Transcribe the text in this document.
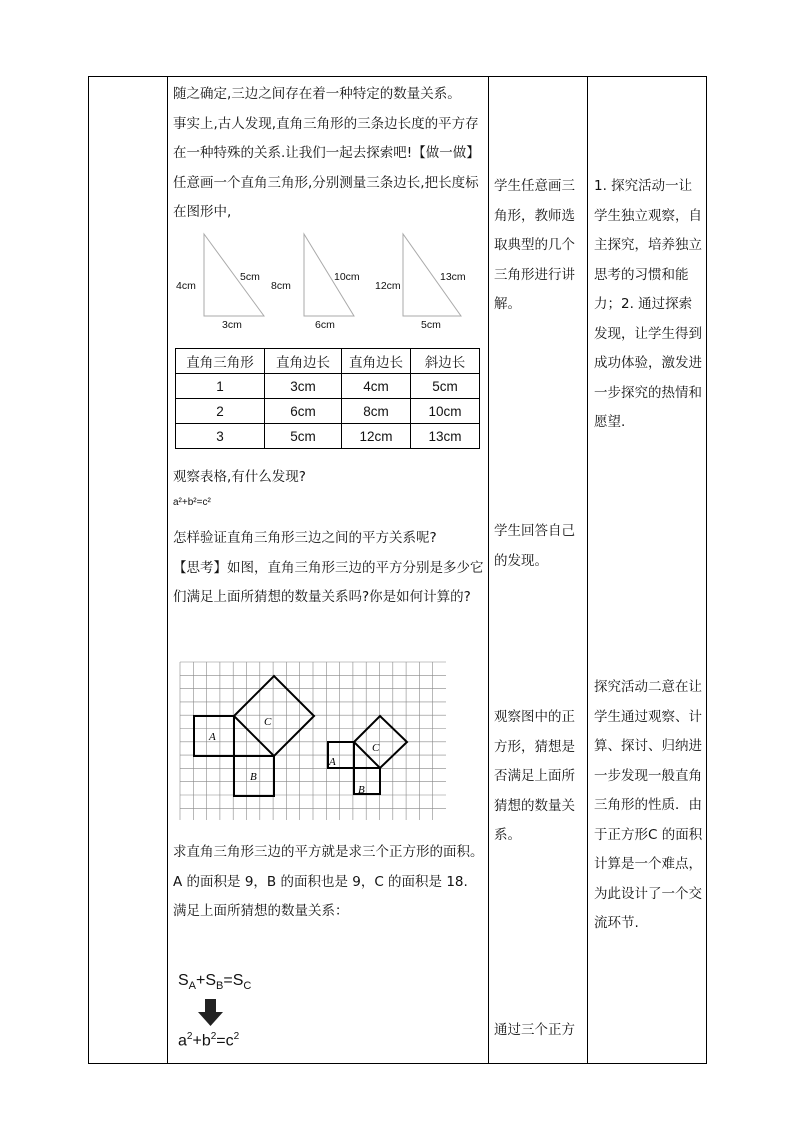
随之确定,三边之间存在着一种特定的数量关系。

事实上,古人发现,直角三角形的三条边长度的平方存在一种特殊的关系.让我们一起去探索吧!【做一做】任意画一个直角三角形,分别测量三条边长,把长度标在图形中,

4cm
5cm
3cm
8cm
10cm
6cm
12cm
13cm
5cm
直角三角形	直角边长	直角边长	斜边长
1	3cm	4cm	5cm
2	6cm	8cm	10cm
3	5cm	12cm	13cm

观察表格,有什么发现?

a²+b²=c²

怎样验证直角三角形三边之间的平方关系呢?

【思考】如图，直角三角形三边的平方分别是多少它们满足上面所猜想的数量关系吗?你是如何计算的?

A
B
C
A
B
C

求直角三角形三边的平方就是求三个正方形的面积。

A 的面积是 9，B 的面积也是 9，C 的面积是 18.

满足上面所猜想的数量关系：

$S_A+S_B=S_C$
$a^2+b^2=c^2$

学生任意画三角形，教师选取典型的几个三角形进行讲解。

学生回答自己的发现。

观察图中的正方形，猜想是否满足上面所猜想的数量关系。

通过三个正方

1. 探究活动一让学生独立观察，自主探究，培养独立思考的习惯和能力；2. 通过探索发现，让学生得到成功体验，激发进一步探究的热情和愿望.

探究活动二意在让学生通过观察、计算、探讨、归纳进一步发现一般直角三角形的性质．由于正方形C 的面积计算是一个难点，为此设计了一个交流环节.
